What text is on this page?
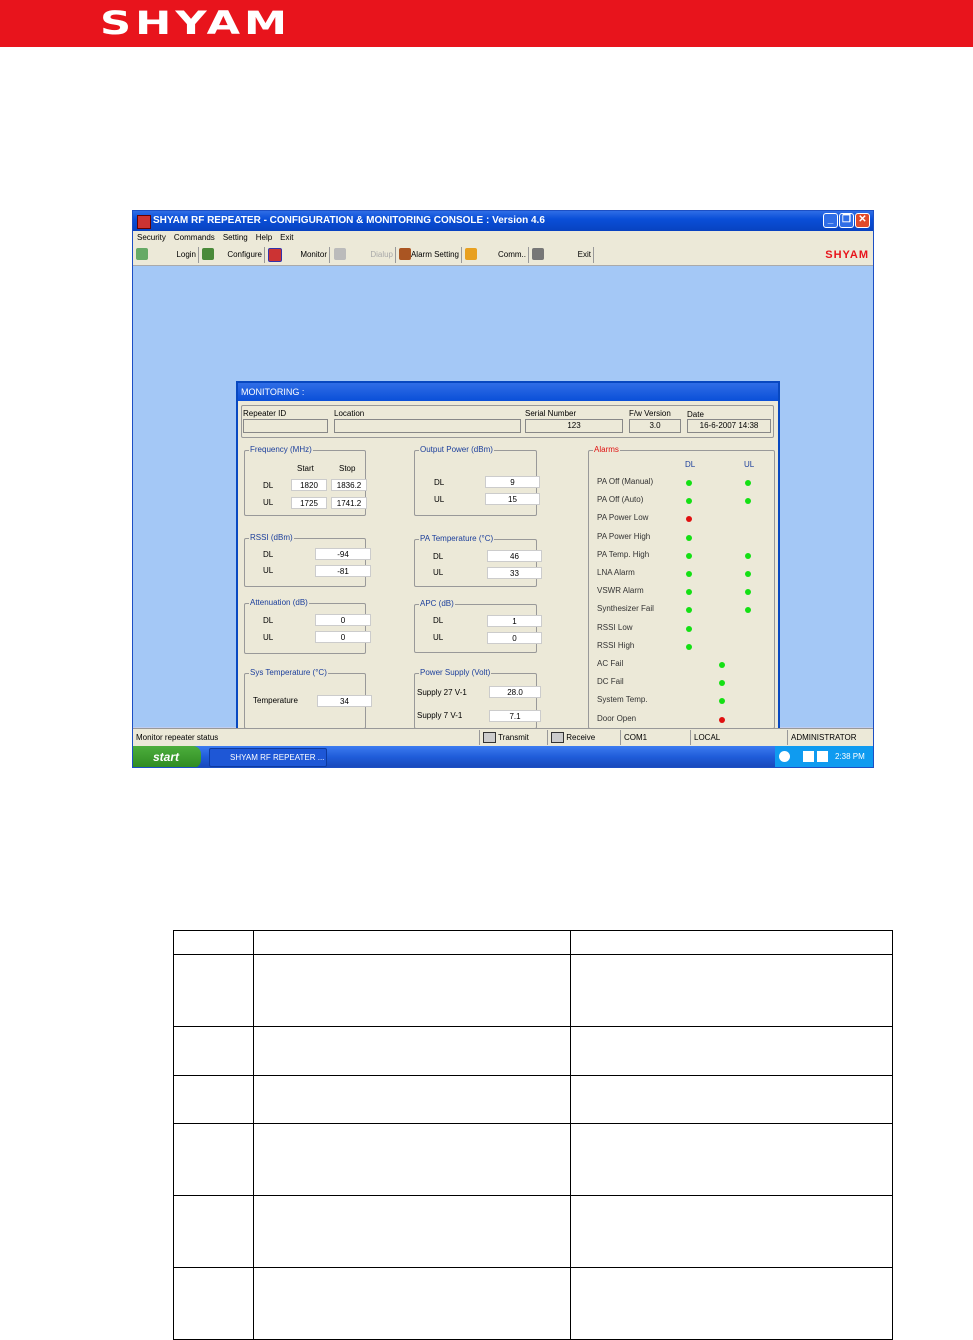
SHYAM
SHYAM RF REPEATER - CONFIGURATION & MONITORING CONSOLE : Version 4.6	_ ❐ ✕
Security Commands Setting Help Exit
Login	Configure	Monitor	Dialup	Alarm Setting	Comm..	Exit	SHYAM
MONITORING :
Repeater ID	Location	Serial Number
123
F/w Version
3.0
Date
16-6-2007 14:38
Frequency (MHz)
Start	Stop
DL	1820	1836.2
UL	1725	1741.2
Output Power (dBm)
DL	9
UL	15
RSSI (dBm)
DL	-94
UL	-81
PA Temperature (°C)
DL	46
UL	33
Attenuation (dB)
DL	0
UL	0
APC (dB)
DL	1
UL	0
Sys Temperature (°C)
Temperature	34
Power Supply (Volt)
Supply 27 V-1	28.0
Supply 7 V-1	7.1
Alarms
DL	UL
PA Off (Manual)
PA Off (Auto)
PA Power Low
PA Power High
PA Temp. High
LNA Alarm
VSWR Alarm
Synthesizer Fail
RSSI Low
RSSI High
AC Fail
DC Fail
System Temp.
Door Open
Monitor repeater status	Transmit	Receive	COM1	LOCAL	ADMINISTRATOR
start	SHYAM RF REPEATER ...	2:38 PM
